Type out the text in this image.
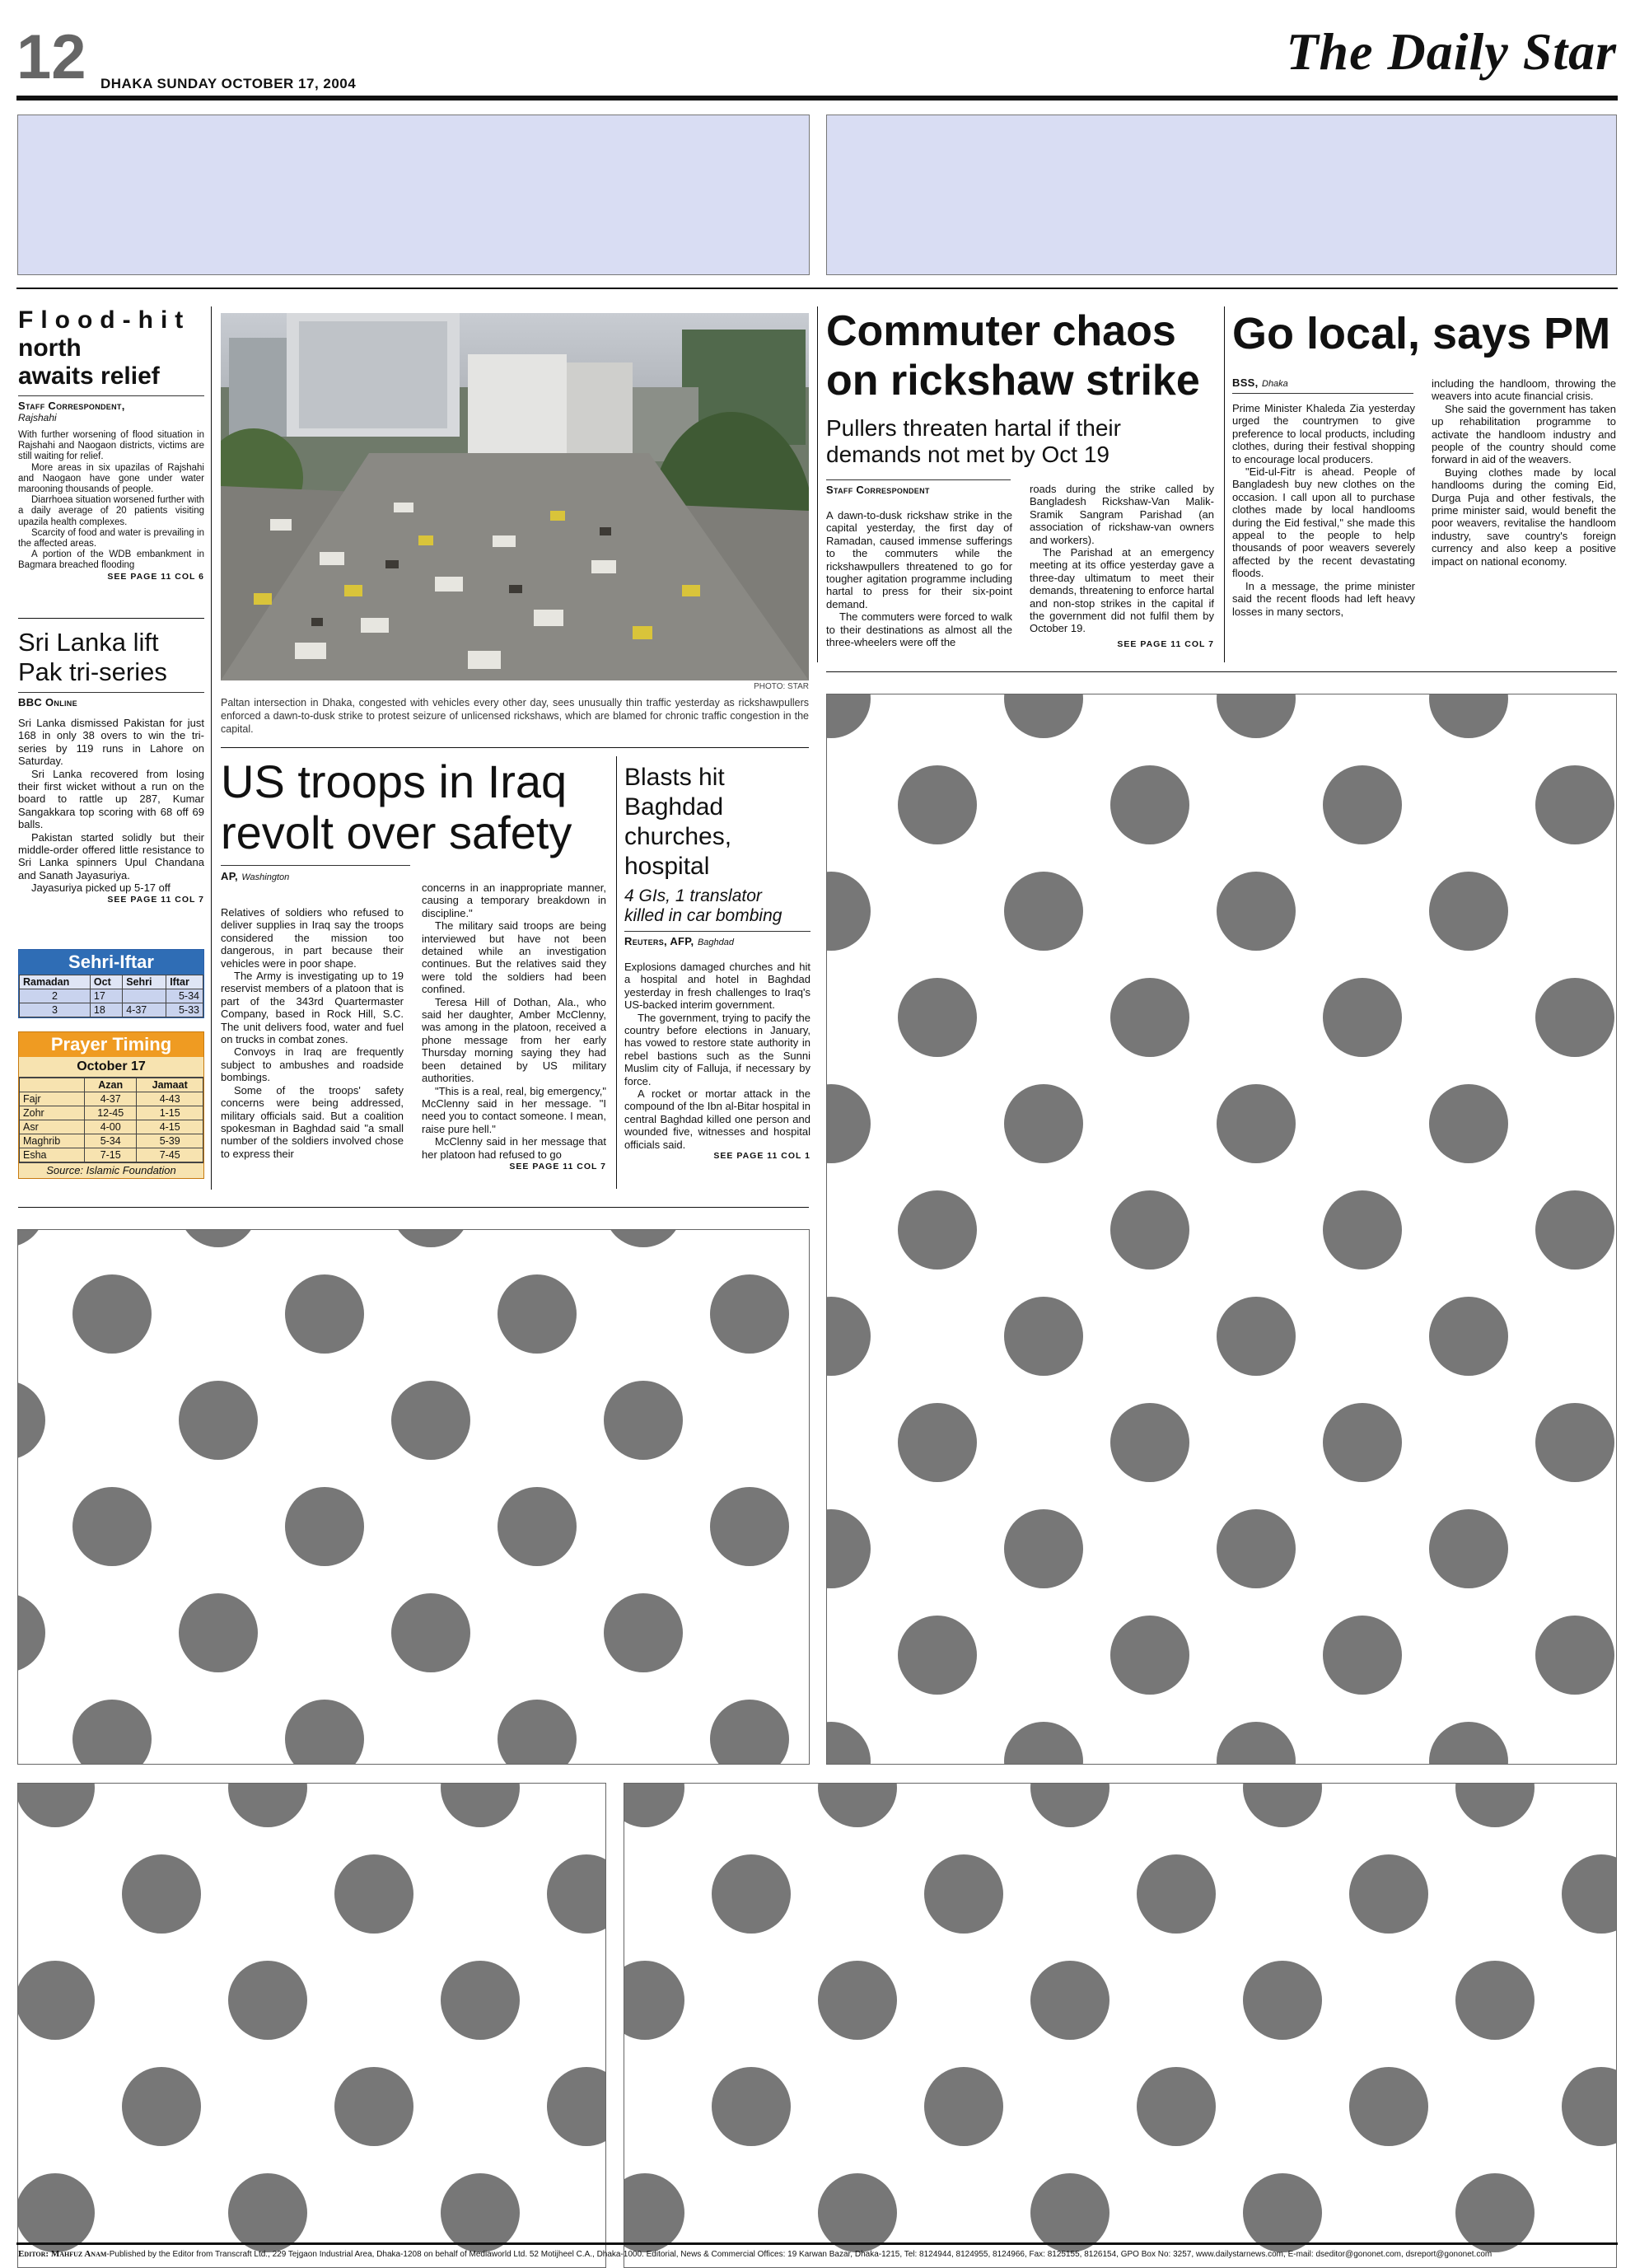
12 DHAKA SUNDAY OCTOBER 17, 2004
The Daily Star
Flood-hit
north
awaits relief
Staff Correspondent,
Rajshahi

With further worsening of flood situation in Rajshahi and Naogaon districts, victims are still waiting for relief.

More areas in six upazilas of Rajshahi and Naogaon have gone under water marooning thousands of people.

Diarrhoea situation worsened further with a daily average of 20 patients visiting upazila health complexes.

Scarcity of food and water is prevailing in the affected areas.

A portion of the WDB embankment in Bagmara breached flooding

SEE PAGE 11 COL 6
Sri Lanka lift
Pak tri-series
BBC Online

Sri Lanka dismissed Pakistan for just 168 in only 38 overs to win the tri-series by 119 runs in Lahore on Saturday.

Sri Lanka recovered from losing their first wicket without a run on the board to rattle up 287, Kumar Sangakkara top scoring with 68 off 69 balls.

Pakistan started solidly but their middle-order offered little resistance to Sri Lanka spinners Upul Chandana and Sanath Jayasuriya.

Jayasuriya picked up 5-17 off

SEE PAGE 11 COL 7
Sehri-Iftar
Ramadan	Oct	Sehri	Iftar
2	17		5-34
3	18	4-37	5-33
Prayer Timing
October 17
	Azan	Jamaat
Fajr	4-37	4-43
Zohr	12-45	1-15
Asr	4-00	4-15
Maghrib	5-34	5-39
Esha	7-15	7-45
Source: Islamic Foundation
PHOTO: STAR
Paltan intersection in Dhaka, congested with vehicles every other day, sees unusually thin traffic yesterday as rickshawpullers enforced a dawn-to-dusk strike to protest seizure of unlicensed rickshaws, which are blamed for chronic traffic congestion in the capital.
US troops in Iraq
revolt over safety
AP, Washington

Relatives of soldiers who refused to deliver supplies in Iraq say the troops considered the mission too dangerous, in part because their vehicles were in poor shape.

The Army is investigating up to 19 reservist members of a platoon that is part of the 343rd Quartermaster Company, based in Rock Hill, S.C. The unit delivers food, water and fuel on trucks in combat zones.

Convoys in Iraq are frequently subject to ambushes and roadside bombings.

Some of the troops' safety concerns were being addressed, military officials said. But a coalition spokesman in Baghdad said "a small number of the soldiers involved chose to express their

concerns in an inappropriate manner, causing a temporary breakdown in discipline."

The military said troops are being interviewed but have not been detained while an investigation continues. But the relatives said they were told the soldiers had been confined.

Teresa Hill of Dothan, Ala., who said her daughter, Amber McClenny, was among in the platoon, received a phone message from her early Thursday morning saying they had been detained by US military authorities.

"This is a real, real, big emergency," McClenny said in her message. "I need you to contact someone. I mean, raise pure hell."

McClenny said in her message that her platoon had refused to go

SEE PAGE 11 COL 7
Blasts hit
Baghdad
churches,
hospital
4 GIs, 1 translator
killed in car bombing
Reuters, AFP, Baghdad

Explosions damaged churches and hit a hospital and hotel in Baghdad yesterday in fresh challenges to Iraq's US-backed interim government.

The government, trying to pacify the country before elections in January, has vowed to restore state authority in rebel bastions such as the Sunni Muslim city of Falluja, if necessary by force.

A rocket or mortar attack in the compound of the Ibn al-Bitar hospital in central Baghdad killed one person and wounded five, witnesses and hospital officials said.

SEE PAGE 11 COL 1
Commuter chaos
on rickshaw strike
Pullers threaten hartal if their
demands not met by Oct 19
Staff Correspondent

A dawn-to-dusk rickshaw strike in the capital yesterday, the first day of Ramadan, caused immense sufferings to the commuters while the rickshawpullers threatened to go for tougher agitation programme including hartal to press for their six-point demand.

The commuters were forced to walk to their destinations as almost all the three-wheelers were off the

roads during the strike called by Bangladesh Rickshaw-Van Malik-Sramik Sangram Parishad (an association of rickshaw-van owners and workers).

The Parishad at an emergency meeting at its office yesterday gave a three-day ultimatum to meet their demands, threatening to enforce hartal and non-stop strikes in the capital if the government did not fulfil them by October 19.

SEE PAGE 11 COL 7
Go local, says PM
BSS, Dhaka

Prime Minister Khaleda Zia yesterday urged the countrymen to give preference to local products, including clothes, during their festival shopping to encourage local producers.

"Eid-ul-Fitr is ahead. People of Bangladesh buy new clothes on the occasion. I call upon all to purchase clothes made by local handlooms during the Eid festival," she made this appeal to the people to help thousands of poor weavers severely affected by the recent devastating floods.

In a message, the prime minister said the recent floods had left heavy losses in many sectors,

including the handloom, throwing the weavers into acute financial crisis.

She said the government has taken up rehabilitation programme to activate the handloom industry and people of the country should come forward in aid of the weavers.

Buying clothes made by local handlooms during the coming Eid, Durga Puja and other festivals, the prime minister said, would benefit the poor weavers, revitalise the handloom industry, save country's foreign currency and also keep a positive impact on national economy.

Editor: Mahfuz Anam-Published by the Editor from Transcraft Ltd., 229 Tejgaon Industrial Area, Dhaka-1208 on behalf of Mediaworld Ltd. 52 Motijheel C.A., Dhaka-1000. Editorial, News & Commercial Offices: 19 Karwan Bazar, Dhaka-1215, Tel: 8124944, 8124955, 8124966, Fax: 8125155, 8126154, GPO Box No: 3257, www.dailystarnews.com, E-mail: dseditor@gononet.com, dsreport@gononet.com
